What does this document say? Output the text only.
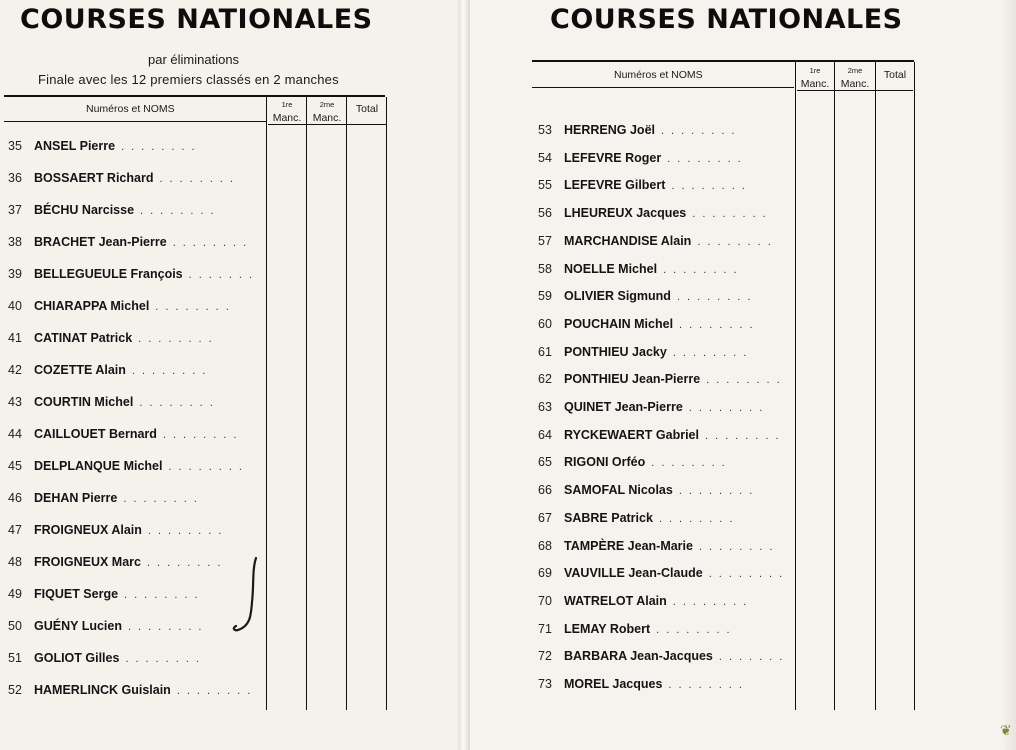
COURSES NATIONALES
par éliminations
Finale avec les 12 premiers classés en 2 manches
Numéros et NOMS	$^{1re}$
Manc.
$^{2me}$
Manc.
Total
35 ANSEL Pierre ........
36 BOSSAERT Richard ........
37 BÉCHU Narcisse ........
38 BRACHET Jean-Pierre ........
39 BELLEGUEULE François .......
40 CHIARAPPA Michel ........
41 CATINAT Patrick ........
42 COZETTE Alain ........
43 COURTIN Michel ........
44 CAILLOUET Bernard ........
45 DELPLANQUE Michel ........
46 DEHAN Pierre ........
47 FROIGNEUX Alain ........
48 FROIGNEUX Marc ........
49 FIQUET Serge ........
50 GUÉNY Lucien ........
51 GOLIOT Gilles ........
52 HAMERLINCK Guislain ........
COURSES NATIONALES
Numéros et NOMS	$^{1re}$
Manc.
$^{2me}$
Manc.
Total
53 HERRENG Joël ........
54 LEFEVRE Roger ........
55 LEFEVRE Gilbert ........
56 LHEUREUX Jacques ........
57 MARCHANDISE Alain ........
58 NOELLE Michel ........
59 OLIVIER Sigmund ........
60 POUCHAIN Michel ........
61 PONTHIEU Jacky ........
62 PONTHIEU Jean-Pierre ........
63 QUINET Jean-Pierre ........
64 RYCKEWAERT Gabriel ........
65 RIGONI Orféo ........
66 SAMOFAL Nicolas ........
67 SABRE Patrick ........
68 TAMPÈRE Jean-Marie ........
69 VAUVILLE Jean-Claude ........
70 WATRELOT Alain ........
71 LEMAY Robert ........
72 BARBARA Jean-Jacques .......
73 MOREL Jacques ........
❦
